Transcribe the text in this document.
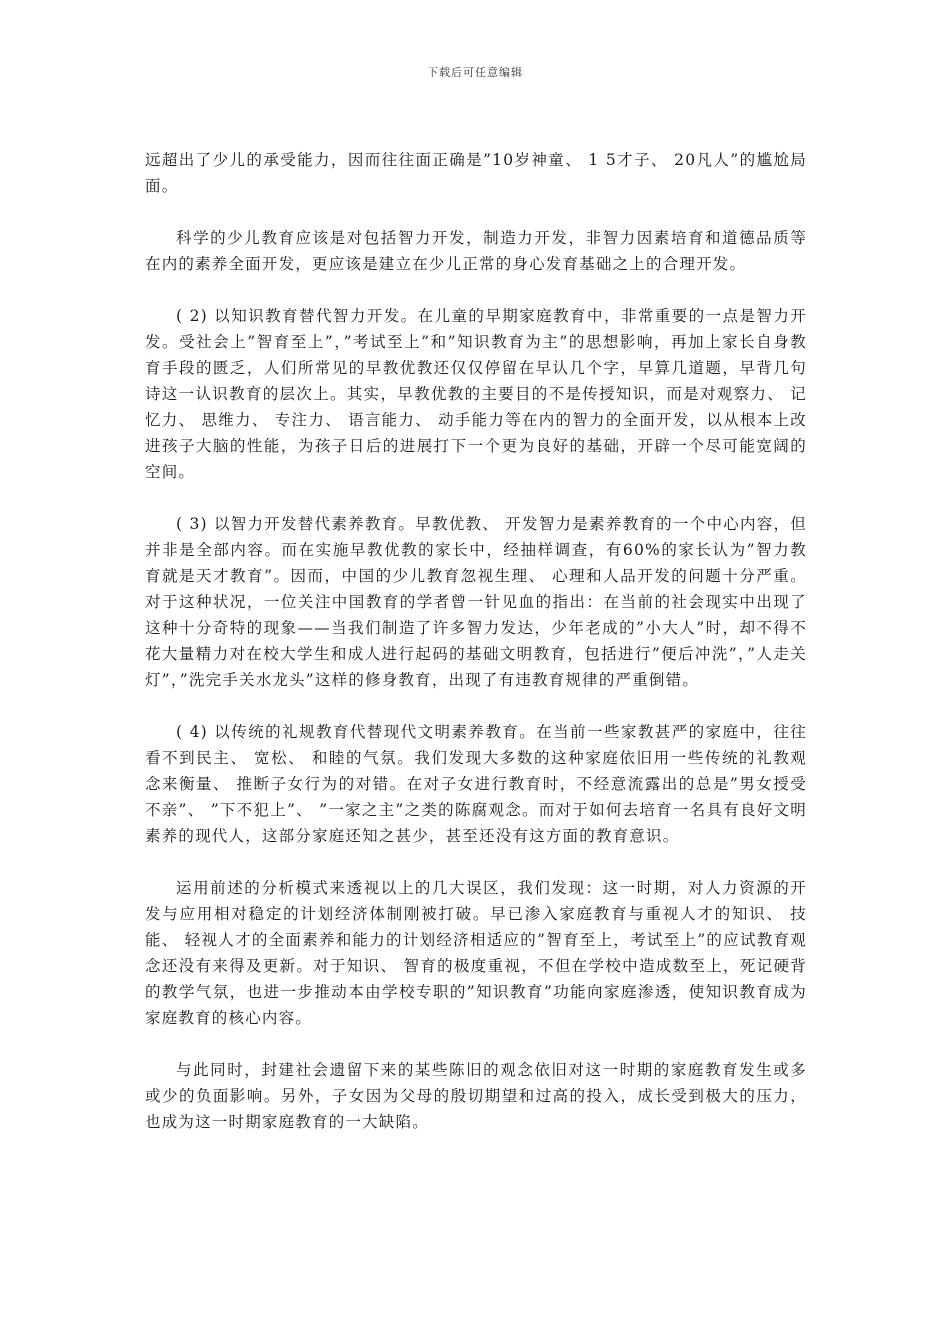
下载后可任意编辑

远超出了少儿的承受能力，因而往往面正确是”10岁神童、 1 5才子、 20凡人”的尴尬局面。

科学的少儿教育应该是对包括智力开发，制造力开发，非智力因素培育和道德品质等在内的素养全面开发，更应该是建立在少儿正常的身心发育基础之上的合理开发。

( 2) 以知识教育替代智力开发。在儿童的早期家庭教育中，非常重要的一点是智力开发。受社会上”智育至上”，”考试至上”和”知识教育为主”的思想影响，再加上家长自身教育手段的匮乏，人们所常见的早教优教还仅仅停留在早认几个字，早算几道题，早背几句诗这一认识教育的层次上。其实，早教优教的主要目的不是传授知识，而是对观察力、 记忆力、 思维力、 专注力、 语言能力、 动手能力等在内的智力的全面开发，以从根本上改进孩子大脑的性能，为孩子日后的进展打下一个更为良好的基础，开辟一个尽可能宽阔的空间。

( 3) 以智力开发替代素养教育。早教优教、 开发智力是素养教育的一个中心内容，但并非是全部内容。而在实施早教优教的家长中，经抽样调查，有60%的家长认为”智力教育就是天才教育”。因而，中国的少儿教育忽视生理、 心理和人品开发的问题十分严重。对于这种状况，一位关注中国教育的学者曾一针见血的指出：在当前的社会现实中出现了这种十分奇特的现象——当我们制造了许多智力发达，少年老成的”小大人”时，却不得不花大量精力对在校大学生和成人进行起码的基础文明教育，包括进行”便后冲洗”，”人走关灯”，”洗完手关水龙头”这样的修身教育，出现了有违教育规律的严重倒错。

( 4) 以传统的礼规教育代替现代文明素养教育。在当前一些家教甚严的家庭中，往往看不到民主、 宽松、 和睦的气氛。我们发现大多数的这种家庭依旧用一些传统的礼教观念来衡量、 推断子女行为的对错。在对子女进行教育时，不经意流露出的总是”男女授受不亲”、 ”下不犯上”、 ”一家之主”之类的陈腐观念。而对于如何去培育一名具有良好文明素养的现代人，这部分家庭还知之甚少，甚至还没有这方面的教育意识。

运用前述的分析模式来透视以上的几大误区，我们发现：这一时期，对人力资源的开发与应用相对稳定的计划经济体制刚被打破。早已渗入家庭教育与重视人才的知识、 技能、 轻视人才的全面素养和能力的计划经济相适应的”智育至上，考试至上”的应试教育观念还没有来得及更新。对于知识、 智育的极度重视，不但在学校中造成数至上，死记硬背的教学气氛，也进一步推动本由学校专职的”知识教育”功能向家庭渗透，使知识教育成为家庭教育的核心内容。

与此同时，封建社会遗留下来的某些陈旧的观念依旧对这一时期的家庭教育发生或多或少的负面影响。另外，子女因为父母的殷切期望和过高的投入，成长受到极大的压力，也成为这一时期家庭教育的一大缺陷。
